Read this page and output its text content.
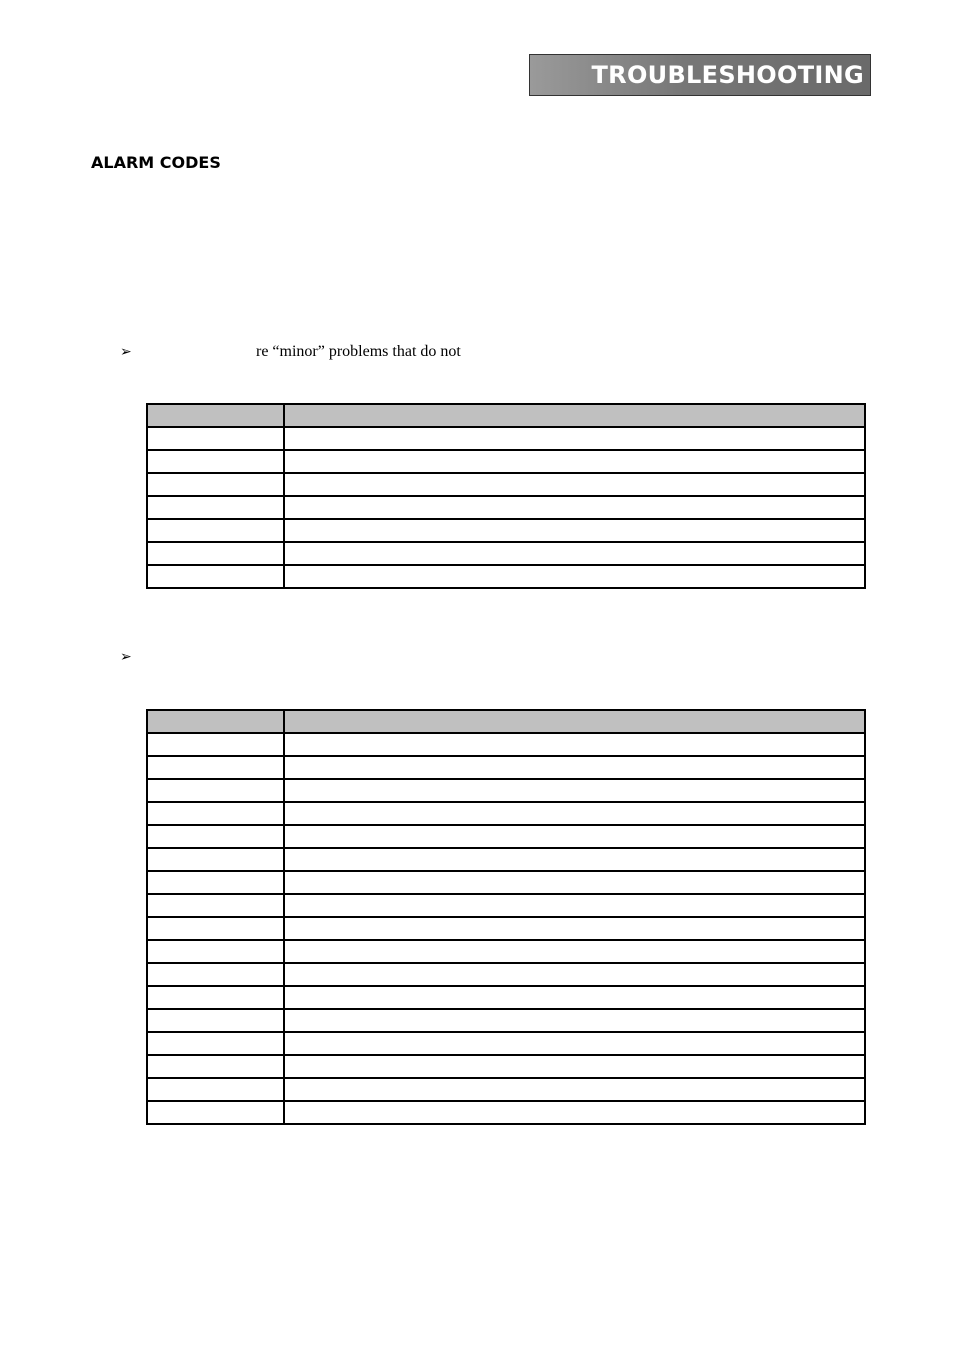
TROUBLESHOOTING
ALARM CODES
➢	re “minor” problems that do not

➢
